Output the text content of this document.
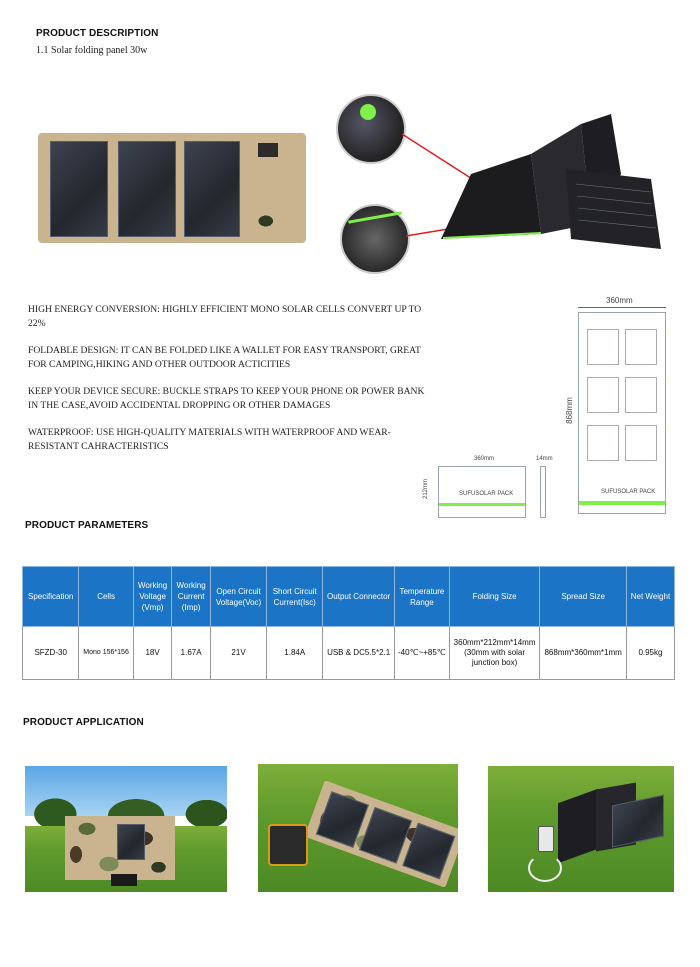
PRODUCT DESCRIPTION
1.1 Solar folding panel 30w
HIGH ENERGY CONVERSION: HIGHLY EFFICIENT MONO SOLAR CELLS CONVERT UP TO 22%
FOLDABLE DESIGN: IT CAN BE FOLDED LIKE A WALLET FOR EASY TRANSPORT, GREAT FOR CAMPING,HIKING AND OTHER OUTDOOR ACTICITIES
KEEP YOUR DEVICE SECURE: BUCKLE STRAPS TO KEEP YOUR PHONE OR POWER BANK IN THE CASE,AVOID ACCIDENTAL DROPPING OR OTHER DAMAGES
WATERPROOF: USE HIGH-QUALITY MATERIALS WITH WATERPROOF AND WEAR-RESISTANT CAHRACTERISTICS
360mm
SUFUSOLAR PACK
868mm
360mm
SUFUSOLAR PACK
212mm
14mm
PRODUCT PARAMETERS
Specification	Cells	Working Voltage (Vmp)	Working Current (Imp)	Open Circuit Voltage(Voc)	Short Circuit Current(Isc)	Output Connector	Temperature Range	Folding Size	Spread Size	Net Weight
SFZD-30	Mono 156*156	18V	1.67A	21V	1.84A	USB & DC5.5*2.1	-40℃~+85℃	360mm*212mm*14mm (30mm with solar junction box)	868mm*360mm*1mm	0.95kg
PRODUCT APPLICATION
